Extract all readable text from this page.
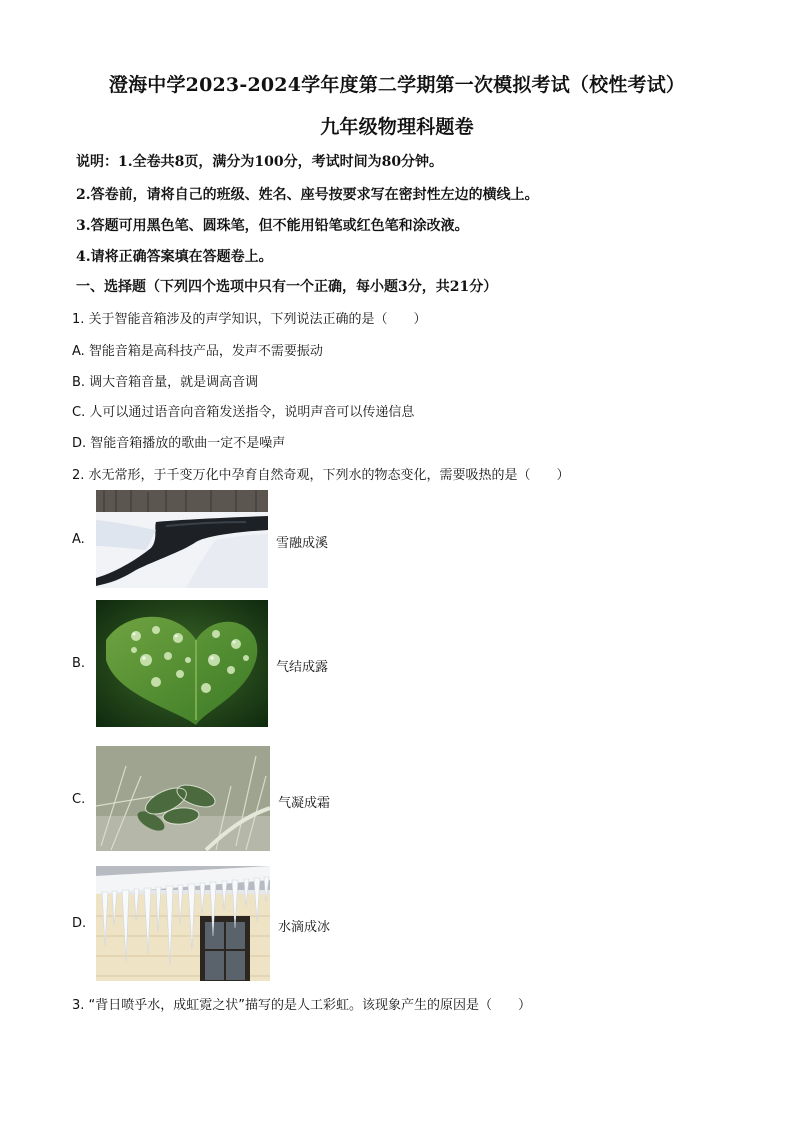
澄海中学2023-2024学年度第二学期第一次模拟考试（校性考试）
九年级物理科题卷
说明：1.全卷共8页，满分为100分，考试时间为80分钟。
2.答卷前，请将自己的班级、姓名、座号按要求写在密封性左边的横线上。
3.答题可用黑色笔、圆珠笔，但不能用铅笔或红色笔和涂改液。
4.请将正确答案填在答题卷上。
一、选择题（下列四个选项中只有一个正确，每小题3分，共21分）
1. 关于智能音箱涉及的声学知识，下列说法正确的是（　　）
A. 智能音箱是高科技产品，发声不需要振动
B. 调大音箱音量，就是调高音调
C. 人可以通过语音向音箱发送指令，说明声音可以传递信息
D. 智能音箱播放的歌曲一定不是噪声
2. 水无常形，于千变万化中孕育自然奇观，下列水的物态变化，需要吸热的是（　　）
A.	雪融成溪
B.	气结成露
C.	气凝成霜
D.	水滴成冰
3. “背日喷乎水，成虹霓之状”描写的是人工彩虹。该现象产生的原因是（　　）
